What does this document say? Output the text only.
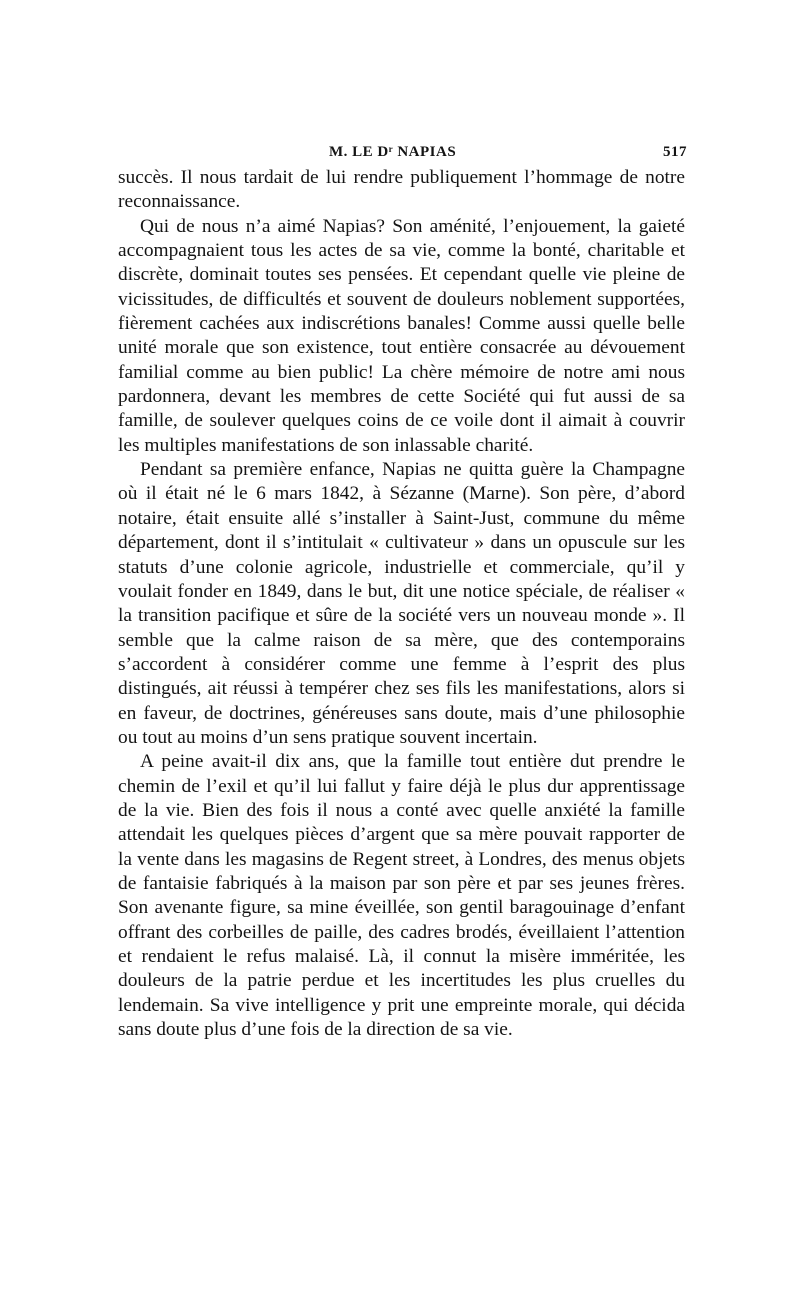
M. LE Dʳ NAPIAS	517

succès. Il nous tardait de lui rendre publiquement l’hommage de notre reconnaissance.

Qui de nous n’a aimé Napias? Son aménité, l’enjouement, la gaieté accompagnaient tous les actes de sa vie, comme la bonté, charitable et discrète, dominait toutes ses pensées. Et cependant quelle vie pleine de vicissitudes, de difficultés et souvent de douleurs noblement supportées, fièrement cachées aux indiscrétions banales! Comme aussi quelle belle unité morale que son existence, tout entière consacrée au dévouement familial comme au bien public! La chère mémoire de notre ami nous pardonnera, devant les membres de cette Société qui fut aussi de sa famille, de soulever quelques coins de ce voile dont il aimait à couvrir les multiples manifestations de son inlassable charité.

Pendant sa première enfance, Napias ne quitta guère la Champagne où il était né le 6 mars 1842, à Sézanne (Marne). Son père, d’abord notaire, était ensuite allé s’installer à Saint-Just, commune du même département, dont il s’intitulait « cultivateur » dans un opuscule sur les statuts d’une colonie agricole, industrielle et commerciale, qu’il y voulait fonder en 1849, dans le but, dit une notice spéciale, de réaliser « la transition pacifique et sûre de la société vers un nouveau monde ». Il semble que la calme raison de sa mère, que des contemporains s’accordent à considérer comme une femme à l’esprit des plus distingués, ait réussi à tempérer chez ses fils les manifestations, alors si en faveur, de doctrines, généreuses sans doute, mais d’une philosophie ou tout au moins d’un sens pratique souvent incertain.

A peine avait-il dix ans, que la famille tout entière dut prendre le chemin de l’exil et qu’il lui fallut y faire déjà le plus dur apprentissage de la vie. Bien des fois il nous a conté avec quelle anxiété la famille attendait les quelques pièces d’argent que sa mère pouvait rapporter de la vente dans les magasins de Regent street, à Londres, des menus objets de fantaisie fabriqués à la maison par son père et par ses jeunes frères. Son avenante figure, sa mine éveillée, son gentil baragouinage d’enfant offrant des corbeilles de paille, des cadres brodés, éveillaient l’attention et rendaient le refus malaisé. Là, il connut la misère imméritée, les douleurs de la patrie perdue et les incertitudes les plus cruelles du lendemain. Sa vive intelligence y prit une empreinte morale, qui décida sans doute plus d’une fois de la direction de sa vie.
